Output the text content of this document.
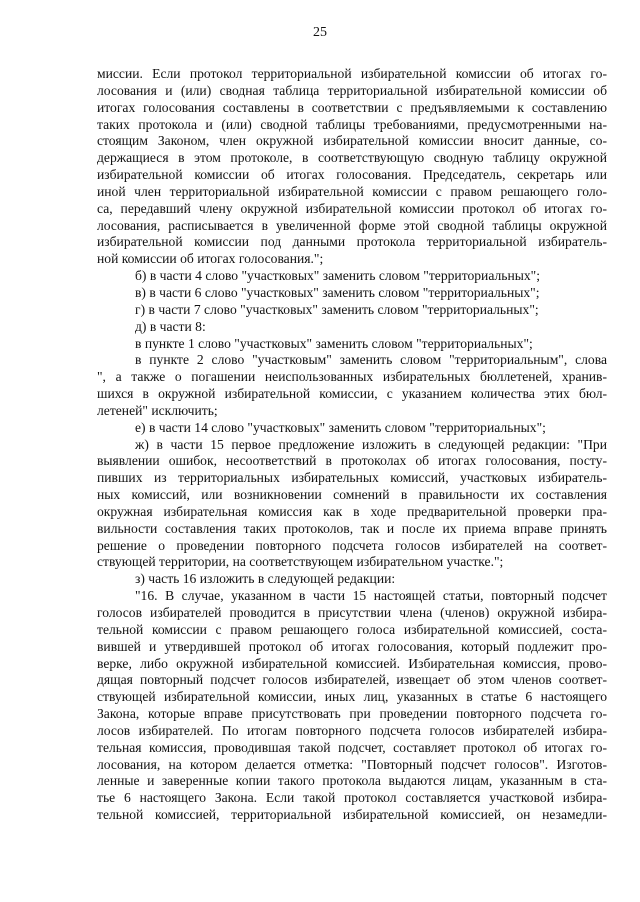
25
миссии. Если протокол территориальной избирательной комиссии об итогах го-
лосования и (или) сводная таблица территориальной избирательной комиссии об
итогах голосования составлены в соответствии с предъявляемыми к составлению
таких протокола и (или) сводной таблицы требованиями, предусмотренными на-
стоящим Законом, член окружной избирательной комиссии вносит данные, со-
держащиеся в этом протоколе, в соответствующую сводную таблицу окружной
избирательной комиссии об итогах голосования. Председатель, секретарь или
иной член территориальной избирательной комиссии с правом решающего голо-
са, передавший члену окружной избирательной комиссии протокол об итогах го-
лосования, расписывается в увеличенной форме этой сводной таблицы окружной
избирательной комиссии под данными протокола территориальной избиратель-
ной комиссии об итогах голосования.";
б) в части 4 слово "участковых" заменить словом "территориальных";
в) в части 6 слово "участковых" заменить словом "территориальных";
г) в части 7 слово "участковых" заменить словом "территориальных";
д) в части 8:
в пункте 1 слово "участковых" заменить словом "территориальных";
в пункте 2 слово "участковым" заменить словом "территориальным", слова
", а также о погашении неиспользованных избирательных бюллетеней, хранив-
шихся в окружной избирательной комиссии, с указанием количества этих бюл-
летеней" исключить;
е) в части 14 слово "участковых" заменить словом "территориальных";
ж) в части 15 первое предложение изложить в следующей редакции: "При
выявлении ошибок, несоответствий в протоколах об итогах голосования, посту-
пивших из территориальных избирательных комиссий, участковых избиратель-
ных комиссий, или возникновении сомнений в правильности их составления
окружная избирательная комиссия как в ходе предварительной проверки пра-
вильности составления таких протоколов, так и после их приема вправе принять
решение о проведении повторного подсчета голосов избирателей на соответ-
ствующей территории, на соответствующем избирательном участке.";
з) часть 16 изложить в следующей редакции:
"16. В случае, указанном в части 15 настоящей статьи, повторный подсчет
голосов избирателей проводится в присутствии члена (членов) окружной избира-
тельной комиссии с правом решающего голоса избирательной комиссией, соста-
вившей и утвердившей протокол об итогах голосования, который подлежит про-
верке, либо окружной избирательной комиссией. Избирательная комиссия, прово-
дящая повторный подсчет голосов избирателей, извещает об этом членов соответ-
ствующей избирательной комиссии, иных лиц, указанных в статье 6 настоящего
Закона, которые вправе присутствовать при проведении повторного подсчета го-
лосов избирателей. По итогам повторного подсчета голосов избирателей избира-
тельная комиссия, проводившая такой подсчет, составляет протокол об итогах го-
лосования, на котором делается отметка: "Повторный подсчет голосов". Изготов-
ленные и заверенные копии такого протокола выдаются лицам, указанным в ста-
тье 6 настоящего Закона. Если такой протокол составляется участковой избира-
тельной комиссией, территориальной избирательной комиссией, он незамедли-
